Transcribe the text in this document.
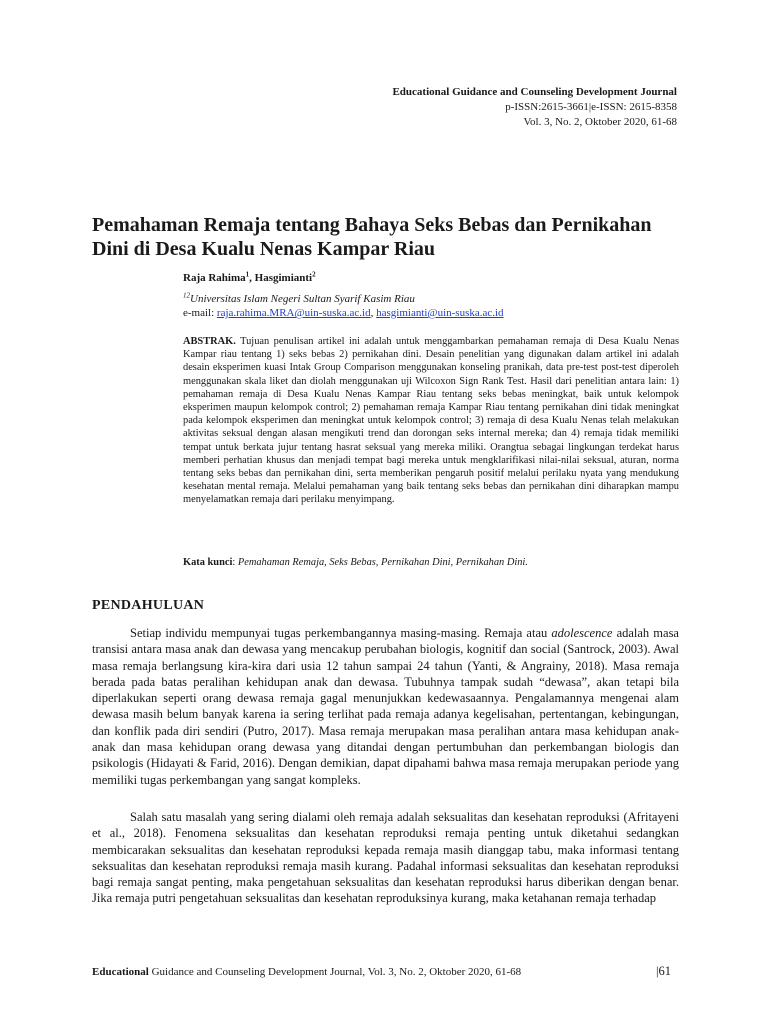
Educational Guidance and Counseling Development Journal
p-ISSN:2615-3661|e-ISSN: 2615-8358
Vol. 3, No. 2, Oktober 2020, 61-68
Pemahaman Remaja tentang Bahaya Seks Bebas dan Pernikahan Dini di Desa Kualu Nenas Kampar Riau
Raja Rahima$^1$, Hasgimianti$^2$
$^{12}$Universitas Islam Negeri Sultan Syarif Kasim Riau
e-mail: raja.rahima.MRA@uin-suska.ac.id, hasgimianti@uin-suska.ac.id

ABSTRAK. Tujuan penulisan artikel ini adalah untuk menggambarkan pemahaman remaja di Desa Kualu Nenas Kampar riau tentang 1) seks bebas 2) pernikahan dini. Desain penelitian yang digunakan dalam artikel ini adalah desain eksperimen kuasi Intak Group Comparison menggunakan konseling pranikah, data pre-test post-test diperoleh menggunakan skala liket dan diolah menggunakan uji Wilcoxon Sign Rank Test. Hasil dari penelitian antara lain: 1) pemahaman remaja di Desa Kualu Nenas Kampar Riau tentang seks bebas meningkat, baik untuk kelompok eksperimen maupun kelompok control; 2) pemahaman remaja Kampar Riau tentang pernikahan dini tidak meningkat pada kelompok eksperimen dan meningkat untuk kelompok control; 3) remaja di desa Kualu Nenas telah melakukan aktivitas seksual dengan alasan mengikuti trend dan dorongan seks internal mereka; dan 4) remaja tidak memiliki tempat untuk berkata jujur tentang hasrat seksual yang mereka miliki. Orangtua sebagai lingkungan terdekat harus memberi perhatian khusus dan menjadi tempat bagi mereka untuk mengklarifikasi nilai-nilai seksual, aturan, norma tentang seks bebas dan pernikahan dini, serta memberikan pengaruh positif melalui perilaku nyata yang mendukung kesehatan mental remaja. Melalui pemahaman yang baik tentang seks bebas dan pernikahan dini diharapkan mampu menyelamatkan remaja dari perilaku menyimpang.

Kata kunci: Pemahaman Remaja, Seks Bebas, Pernikahan Dini, Pernikahan Dini.

PENDAHULUAN

Setiap individu mempunyai tugas perkembangannya masing-masing. Remaja atau adolescence adalah masa transisi antara masa anak dan dewasa yang mencakup perubahan biologis, kognitif dan social (Santrock, 2003). Awal masa remaja berlangsung kira-kira dari usia 12 tahun sampai 24 tahun (Yanti, & Angrainy, 2018). Masa remaja berada pada batas peralihan kehidupan anak dan dewasa. Tubuhnya tampak sudah “dewasa”, akan tetapi bila diperlakukan seperti orang dewasa remaja gagal menunjukkan kedewasaannya. Pengalamannya mengenai alam dewasa masih belum banyak karena ia sering terlihat pada remaja adanya kegelisahan, pertentangan, kebingungan, dan konflik pada diri sendiri (Putro, 2017). Masa remaja merupakan masa peralihan antara masa kehidupan anak-anak dan masa kehidupan orang dewasa yang ditandai dengan pertumbuhan dan perkembangan biologis dan psikologis (Hidayati & Farid, 2016). Dengan demikian, dapat dipahami bahwa masa remaja merupakan periode yang memiliki tugas perkembangan yang sangat kompleks.

Salah satu masalah yang sering dialami oleh remaja adalah seksualitas dan kesehatan reproduksi (Afritayeni et al., 2018). Fenomena seksualitas dan kesehatan reproduksi remaja penting untuk diketahui sedangkan membicarakan seksualitas dan kesehatan reproduksi kepada remaja masih dianggap tabu, maka informasi tentang seksualitas dan kesehatan reproduksi remaja masih kurang. Padahal informasi seksualitas dan kesehatan reproduksi bagi remaja sangat penting, maka pengetahuan seksualitas dan kesehatan reproduksi harus diberikan dengan benar. Jika remaja putri pengetahuan seksualitas dan kesehatan reproduksinya kurang, maka ketahanan remaja terhadap

Educational Guidance and Counseling Development Journal, Vol. 3, No. 2, Oktober 2020, 61-68	|61
